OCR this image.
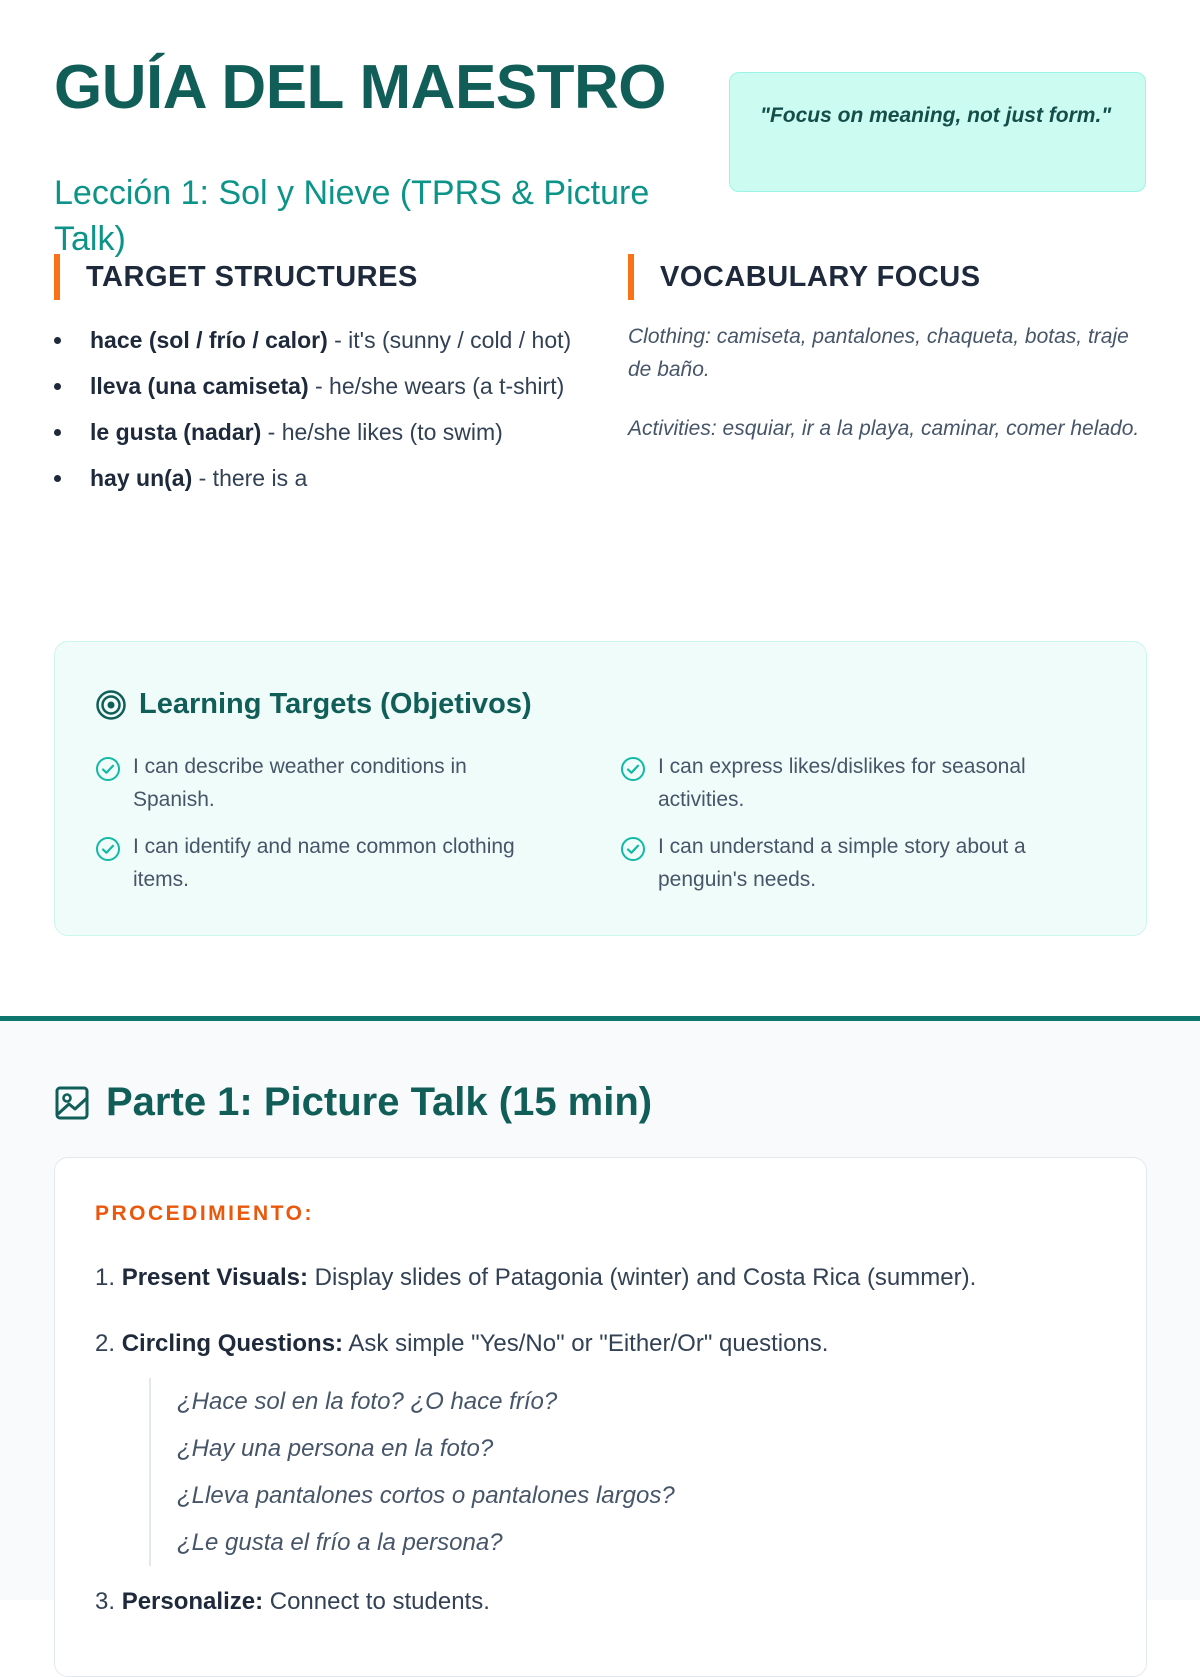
GUÍA DEL MAESTRO
Lección 1: Sol y Nieve (TPRS & Picture Talk)
"Focus on meaning, not just form."
TARGET STRUCTURES
hace (sol / frío / calor) - it's (sunny / cold / hot)
lleva (una camiseta) - he/she wears (a t-shirt)
le gusta (nadar) - he/she likes (to swim)
hay un(a) - there is a
VOCABULARY FOCUS

Clothing: camiseta, pantalones, chaqueta, botas, traje de baño.

Activities: esquiar, ir a la playa, caminar, comer helado.

Learning Targets (Objetivos)
I can describe weather conditions in Spanish.
I can express likes/dislikes for seasonal activities.
I can identify and name common clothing items.
I can understand a simple story about a penguin's needs.
Parte 1: Picture Talk (15 min)

PROCEDIMIENTO:

1. Present Visuals: Display slides of Patagonia (winter) and Costa Rica (summer).
2. Circling Questions: Ask simple "Yes/No" or "Either/Or" questions.
¿Hace sol en la foto? ¿O hace frío?
¿Hay una persona en la foto?
¿Lleva pantalones cortos o pantalones largos?
¿Le gusta el frío a la persona?
3. Personalize: Connect to students.
